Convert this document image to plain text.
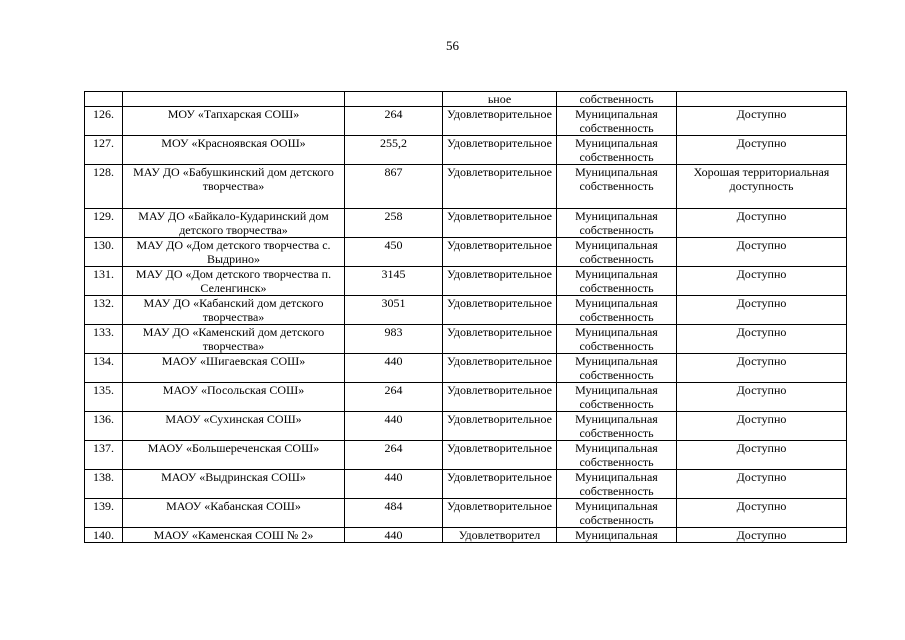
56
			ьное	собственность	
126.	МОУ «Тапхарская СОШ»	264	Удовлетворительное	Муниципальная собственность	Доступно
127.	МОУ «Красноявская ООШ»	255,2	Удовлетворительное	Муниципальная собственность	Доступно
128.	МАУ ДО «Бабушкинский дом детского творчества»	867	Удовлетворительное	Муниципальная собственность	Хорошая территориальная доступность
129.	МАУ ДО «Байкало-Кударинский дом детского творчества»	258	Удовлетворительное	Муниципальная собственность	Доступно
130.	МАУ ДО «Дом детского творчества с. Выдрино»	450	Удовлетворительное	Муниципальная собственность	Доступно
131.	МАУ ДО «Дом детского творчества п. Селенгинск»	3145	Удовлетворительное	Муниципальная собственность	Доступно
132.	МАУ ДО «Кабанский дом детского творчества»	3051	Удовлетворительное	Муниципальная собственность	Доступно
133.	МАУ ДО «Каменский дом детского творчества»	983	Удовлетворительное	Муниципальная собственность	Доступно
134.	МАОУ «Шигаевская СОШ»	440	Удовлетворительное	Муниципальная собственность	Доступно
135.	МАОУ «Посольская СОШ»	264	Удовлетворительное	Муниципальная собственность	Доступно
136.	МАОУ «Сухинская СОШ»	440	Удовлетворительное	Муниципальная собственность	Доступно
137.	МАОУ «Большереченская СОШ»	264	Удовлетворительное	Муниципальная собственность	Доступно
138.	МАОУ «Выдринская СОШ»	440	Удовлетворительное	Муниципальная собственность	Доступно
139.	МАОУ «Кабанская СОШ»	484	Удовлетворительное	Муниципальная собственность	Доступно
140.	МАОУ «Каменская СОШ № 2»	440	Удовлетворител	Муниципальная	Доступно
